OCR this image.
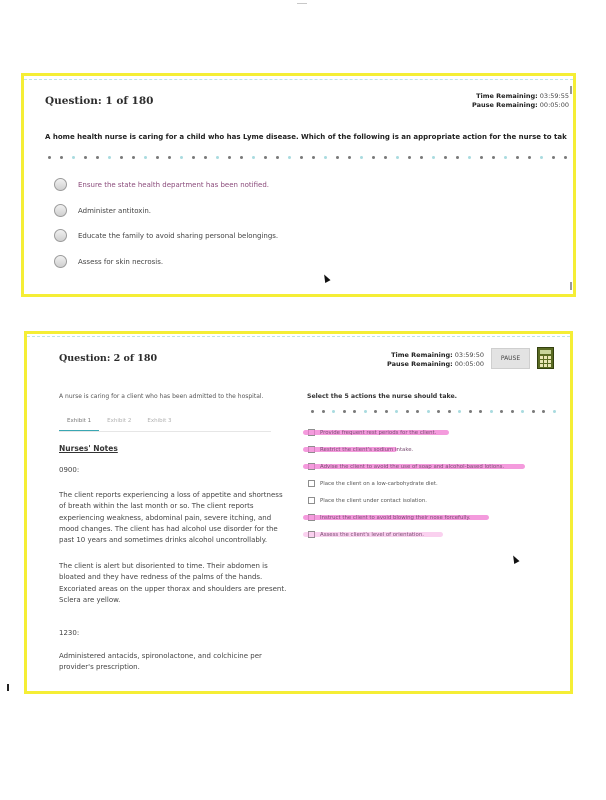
Question: 1 of 180	Time Remaining: 03:59:55
Pause Remaining: 00:05:00
A home health nurse is caring for a child who has Lyme disease. Which of the following is an appropriate action for the nurse to tak
Ensure the state health department has been notified.
Administer antitoxin.
Educate the family to avoid sharing personal belongings.
Assess for skin necrosis.
Question: 2 of 180	Time Remaining: 03:59:50
Pause Remaining: 00:05:00
PAUSE
A nurse is caring for a client who has been admitted to the hospital.
Exhibit 1	Exhibit 2	Exhibit 3
Nurses' Notes
0900:
The client reports experiencing a loss of appetite and shortness of breath within the last month or so. The client reports experiencing weakness, abdominal pain, severe itching, and mood changes. The client has had alcohol use disorder for the past 10 years and sometimes drinks alcohol uncontrollably.
The client is alert but disoriented to time. Their abdomen is bloated and they have redness of the palms of the hands. Excoriated areas on the upper thorax and shoulders are present. Sclera are yellow.
1230:
Administered antacids, spironolactone, and colchicine per provider's prescription.
Select the 5 actions the nurse should take.
Provide frequent rest periods for the client.
Restrict the client's sodium intake.
Advise the client to avoid the use of soap and alcohol-based lotions.
Place the client on a low-carbohydrate diet.
Place the client under contact isolation.
Instruct the client to avoid blowing their nose forcefully.
Assess the client's level of orientation.
